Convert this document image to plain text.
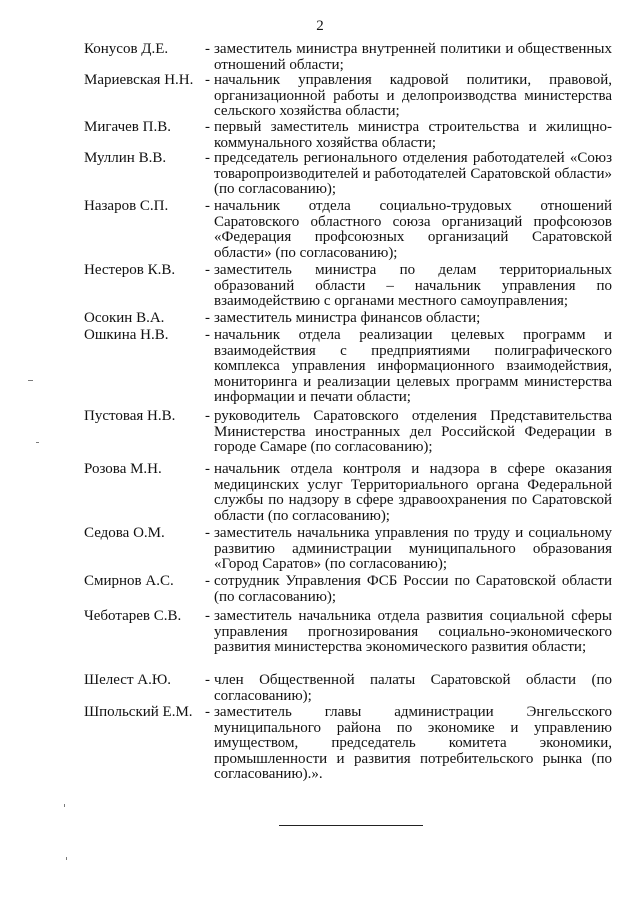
2
Конусов Д.Е.	- заместитель министра внутренней политики и общественных отношений области;
Мариевская Н.Н. - начальник управления кадровой политики, правовой, организационной работы и делопроизводства министерства сельского хозяйства области;
Мигачев П.В.	- первый заместитель министра строительства и жилищно-коммунального хозяйства области;
Муллин В.В.	- председатель регионального отделения работодателей «Союз товаропроизводителей и работодателей Саратовской области» (по согласованию);
Назаров С.П.	- начальник отдела социально-трудовых отношений Саратовского областного союза организаций профсоюзов «Федерация профсоюзных организаций Саратовской области» (по согласованию);
Нестеров К.В.	- заместитель министра по делам территориальных образований области – начальник управления по взаимодействию с органами местного самоуправления;
Осокин В.А.	- заместитель министра финансов области;
Ошкина Н.В.	- начальник отдела реализации целевых программ и взаимодействия с предприятиями полиграфического комплекса управления информационного взаимодействия, мониторинга и реализации целевых программ министерства информации и печати области;
Пустовая Н.В.	- руководитель Саратовского отделения Представительства Министерства иностранных дел Российской Федерации в городе Самаре (по согласованию);
Розова М.Н.	- начальник отдела контроля и надзора в сфере оказания медицинских услуг Территориального органа Федеральной службы по надзору в сфере здравоохранения по Саратовской области (по согласованию);
Седова О.М.	- заместитель начальника управления по труду и социальному развитию администрации муниципального образования «Город Саратов» (по согласованию);
Смирнов А.С.	- сотрудник Управления ФСБ России по Саратовской области (по согласованию);
Чеботарев С.В.	- заместитель начальника отдела развития социальной сферы управления прогнозирования социально-экономического развития министерства экономического развития области;
Шелест А.Ю.	- член Общественной палаты Саратовской области (по согласованию);
Шпольский Е.М. - заместитель главы администрации Энгельсского муниципального района по экономике и управлению имуществом, председатель комитета экономики, промышленности и развития потребительского рынка (по согласованию).».
